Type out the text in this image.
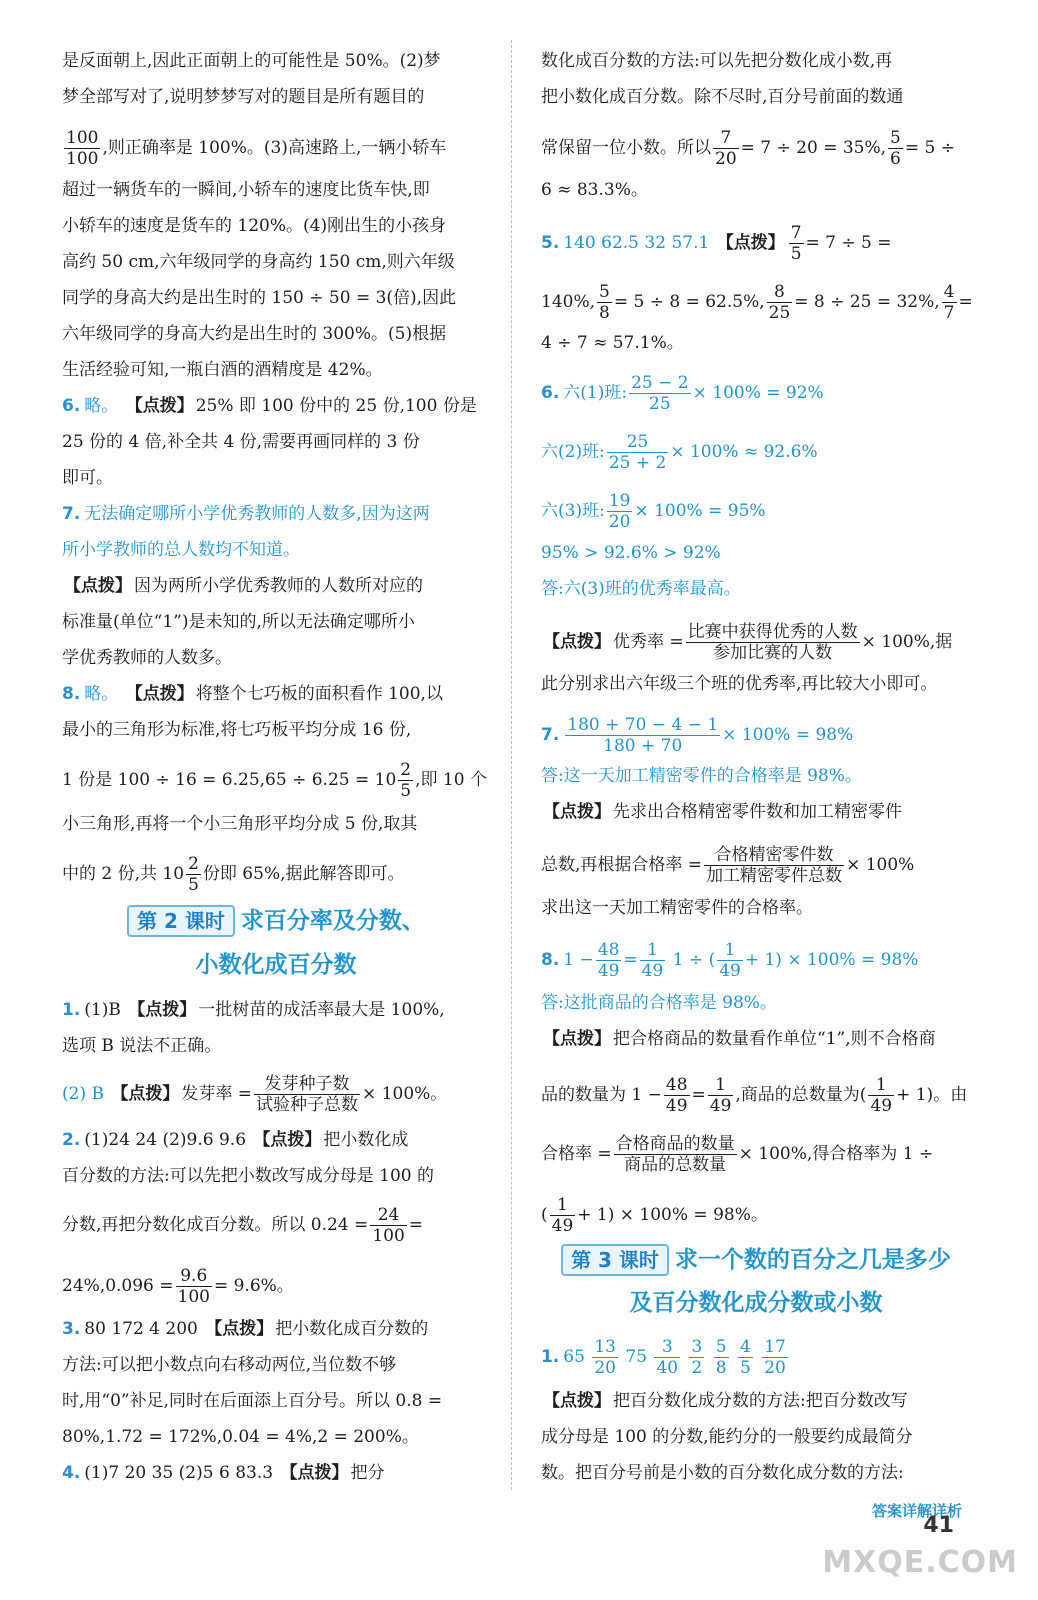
是反面朝上,因此正面朝上的可能性是 50%。(2)梦
梦全部写对了,说明梦梦写对的题目是所有题目的
$\frac{100}{100}$ ,则正确率是 100%。(3)高速路上,一辆小轿车
超过一辆货车的一瞬间,小轿车的速度比货车快,即
小轿车的速度是货车的 120%。(4)刚出生的小孩身
高约 50 cm,六年级同学的身高约 150 cm,则六年级
同学的身高大约是出生时的 150 ÷ 50 = 3(倍),因此
六年级同学的身高大约是出生时的 300%。(5)根据
生活经验可知,一瓶白酒的酒精度是 42%。
6. 略。 【点拨】 25% 即 100 份中的 25 份,100 份是
25 份的 4 倍,补全共 4 份,需要再画同样的 3 份
即可。
7. 无法确定哪所小学优秀教师的人数多,因为这两
所小学教师的总人数均不知道。
【点拨】 因为两所小学优秀教师的人数所对应的
标准量(单位“1”)是未知的,所以无法确定哪所小
学优秀教师的人数多。
8. 略。 【点拨】 将整个七巧板的面积看作 100,以
最小的三角形为标准,将七巧板平均分成 16 份,
1 份是 $100 \div 16 = 6.25,65 \div 6.25 = 10 \frac{2}{5}$ ,即 10 个
小三角形,再将一个小三角形平均分成 5 份,取其
中的 2 份,共 $10 \frac{2}{5}$ 份即 65%,据此解答即可。
第 2 课时 求百分率及分数、
小数化成百分数
1. (1)B 【点拨】 一批树苗的成活率最大是 100%,
选项 B 说法不正确。
(2) B 【点拨】 发芽率 = $\frac{\text{发芽种子数}}{\text{试验种子总数}} \times 100\%$。
2. (1)24 24 (2)9.6 9.6 【点拨】 把小数化成
百分数的方法:可以先把小数改写成分母是 100 的
分数,再把分数化成百分数。所以 $0.24 = \frac{24}{100}$ =
$24\%,0.096 = \frac{9.6}{100} = 9.6\%$。
3. 80 172 4 200 【点拨】 把小数化成百分数的
方法:可以把小数点向右移动两位,当位数不够
时,用“0”补足,同时在后面添上百分号。所以 0.8 =
80%,1.72 = 172%,0.04 = 4%,2 = 200%。
4. (1)7 20 35 (2)5 6 83.3 【点拨】 把分
数化成百分数的方法:可以先把分数化成小数,再
把小数化成百分数。除不尽时,百分号前面的数通
常保留一位小数。所以 $\frac{7}{20} = 7 \div 20 = 35\%$, $\frac{5}{6} = 5$ ÷
6 ≈ 83.3%。
5. 140 62.5 32 57.1 【点拨】 $\frac{7}{5} = 7 \div 5$ =
140%, $\frac{5}{8} = 5 \div 8 = 62.5\%$, $\frac{8}{25} = 8 \div 25 = 32\%$, $\frac{4}{7}$ =
4 ÷ 7 ≈ 57.1%。
6. 六(1)班: $\frac{25 - 2}{25} \times 100\% = 92\%$
六(2)班: $\frac{25}{25 + 2} \times 100\% \approx 92.6\%$
六(3)班: $\frac{19}{20} \times 100\% = 95\%$
95% > 92.6% > 92%
答:六(3)班的优秀率最高。
【点拨】 优秀率 = $\frac{\text{比赛中获得优秀的人数}}{\text{参加比赛的人数}} \times 100\%$,据
此分别求出六年级三个班的优秀率,再比较大小即可。
7. $\frac{180 + 70 - 4 - 1}{180 + 70} \times 100\% = 98\%$
答:这一天加工精密零件的合格率是 98%。
【点拨】 先求出合格精密零件数和加工精密零件
总数,再根据合格率 = $\frac{\text{合格精密零件数}}{\text{加工精密零件总数}} \times 100\%$
求出这一天加工精密零件的合格率。
8. $1 - \frac{48}{49} = \frac{1}{49} 1$ ÷ ( $\frac{1}{49} + 1) \times 100\% = 98\%$
答:这批商品的合格率是 98%。
【点拨】 把合格商品的数量看作单位“1”,则不合格商
品的数量为 $1 - \frac{48}{49} = \frac{1}{49}$ ,商品的总数量为( $\frac{1}{49} + 1$)。由
合格率 = $\frac{\text{合格商品的数量}}{\text{商品的总数量}} \times 100\%$,得合格率为 1 ÷
( $\frac{1}{49} + 1) \times 100\% = 98\%$。
第 3 课时 求一个数的百分之几是多少
及百分数化成分数或小数
1. $65 \frac{13}{20} 75 \frac{3}{40}$
$\frac{3}{2}$
$\frac{5}{8}$
$\frac{4}{5}$
$\frac{17}{20}$
【点拨】 把百分数化成分数的方法:把百分数改写
成分母是 100 的分数,能约分的一般要约成最简分
数。把百分号前是小数的百分数化成分数的方法:
答案详解详析
41
MXQE.COM
